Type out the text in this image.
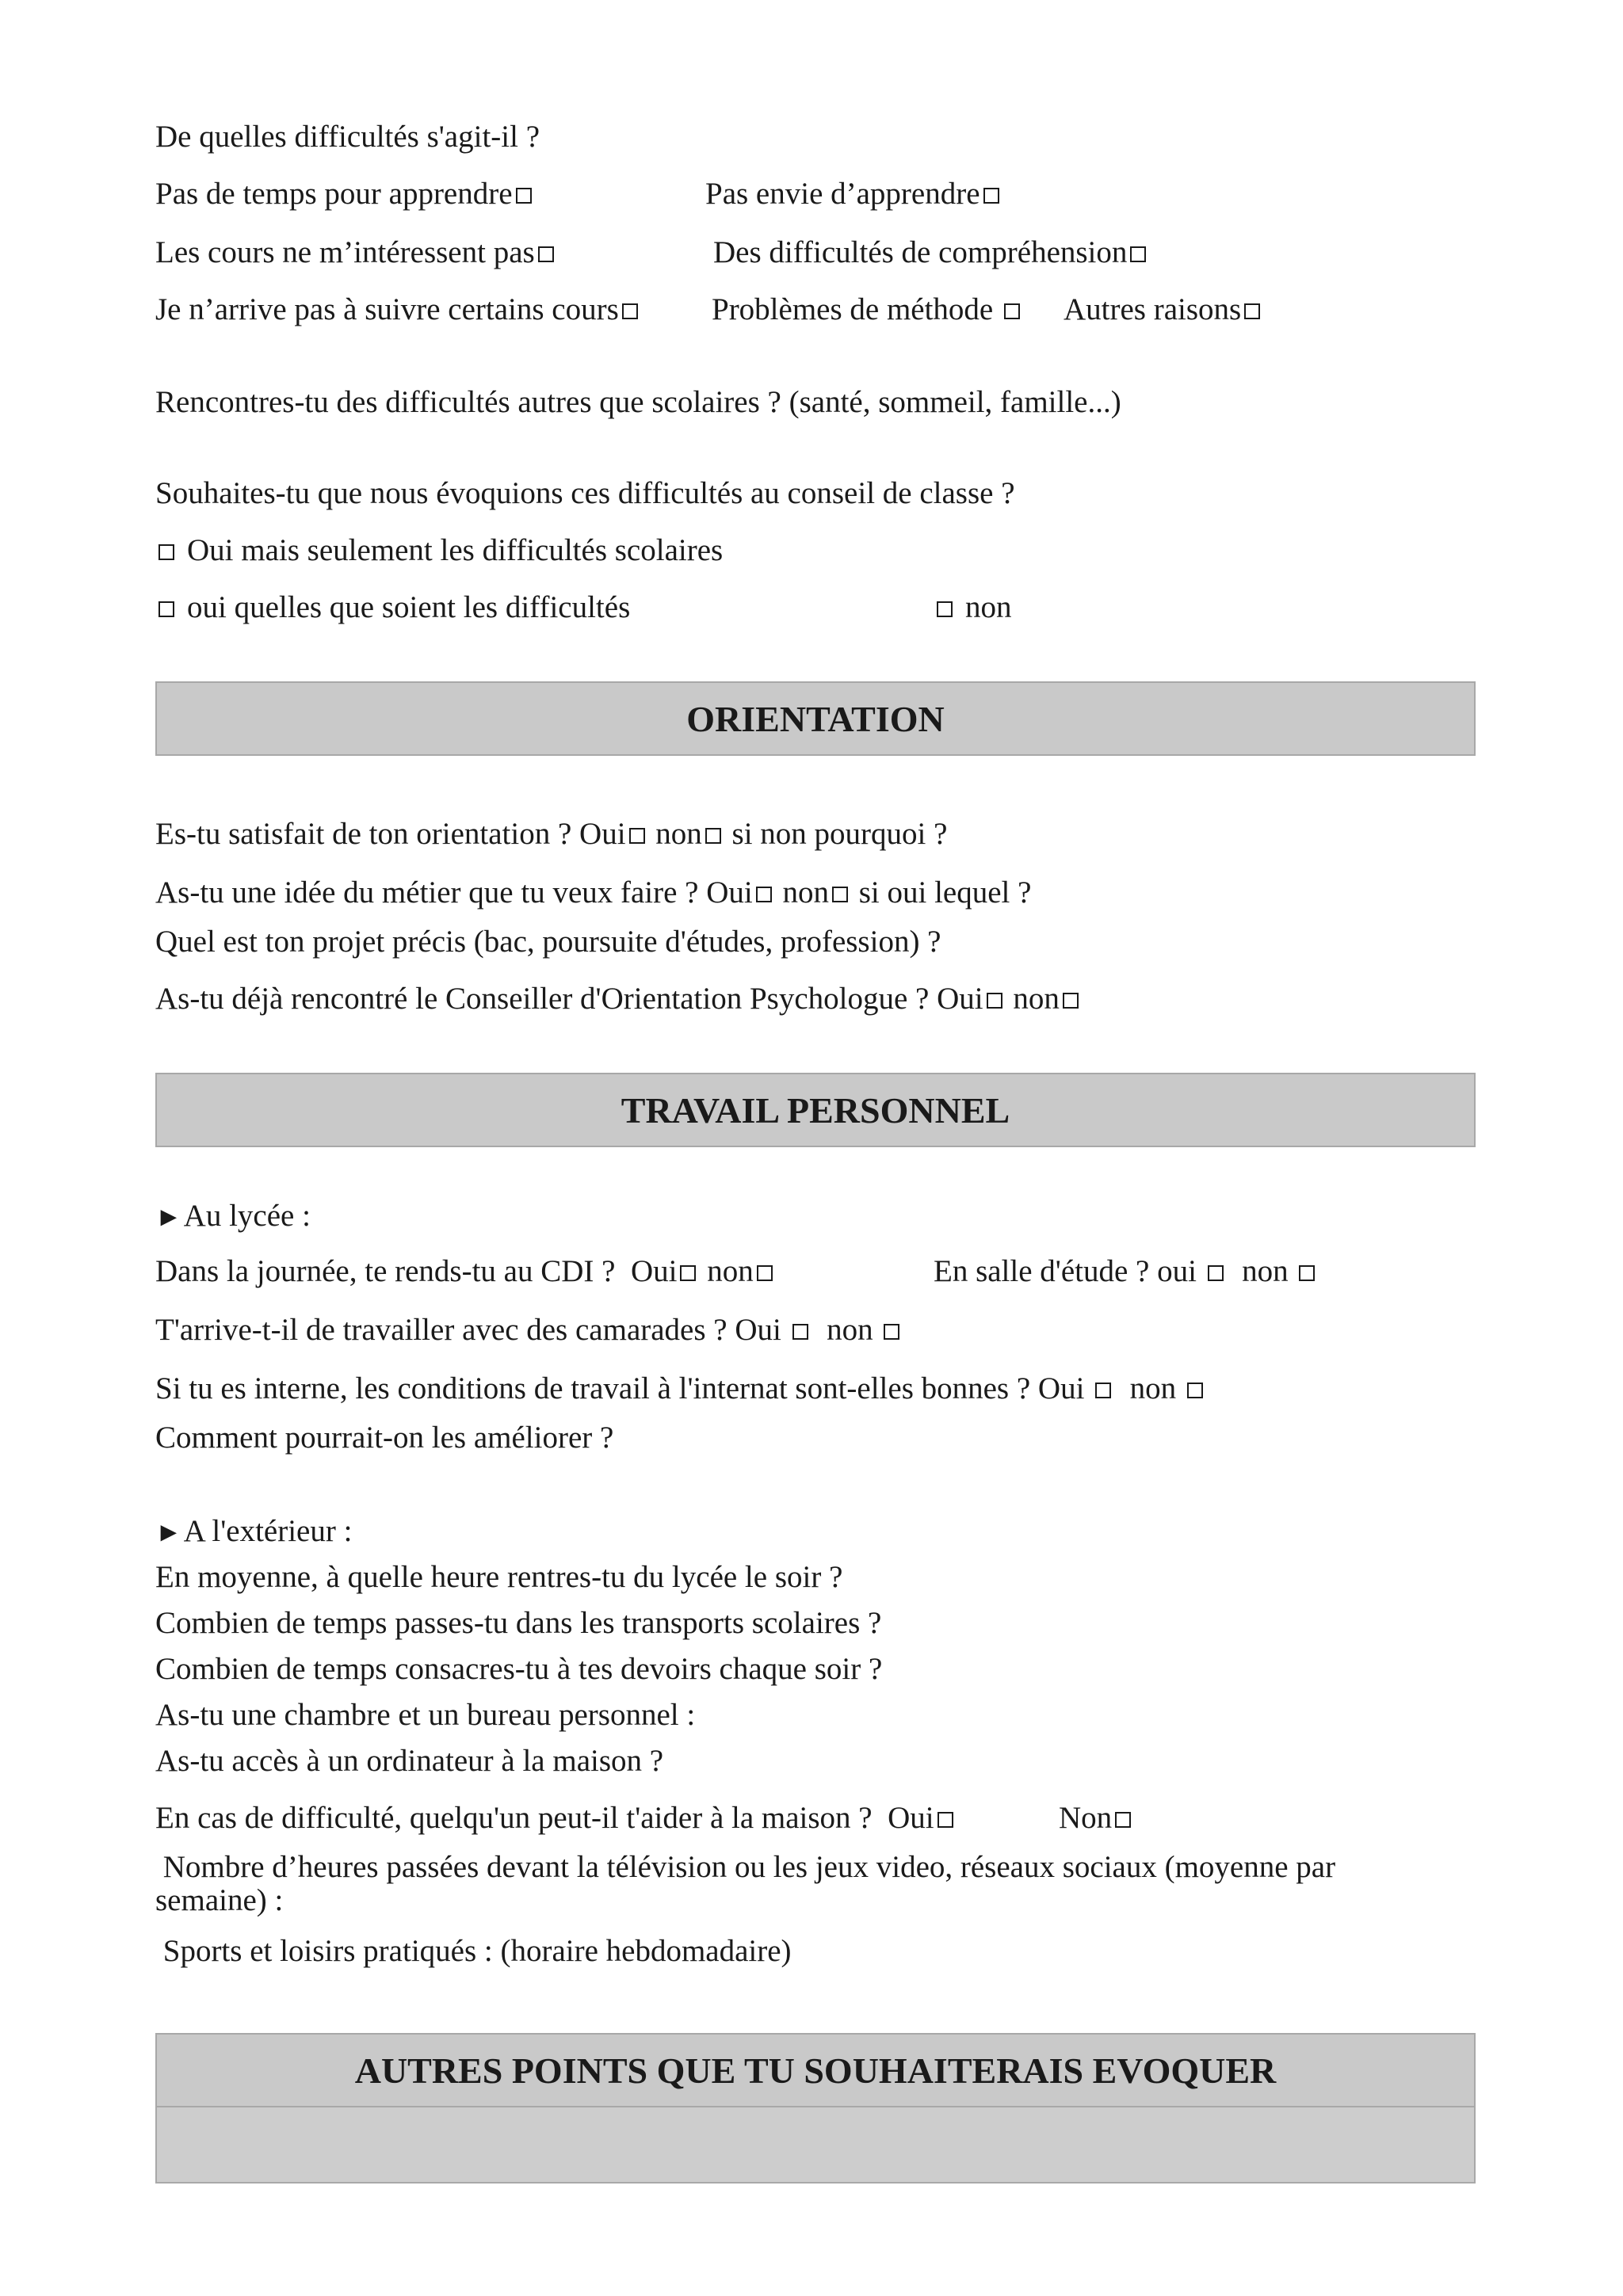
De quelles difficultés s'agit-il ?
Pas de temps pour apprendre	Pas envie d’apprendre
Les cours ne m’intéressent pas	Des difficultés de compréhension
Je n’arrive pas à suivre certains cours	Problèmes de méthode	Autres raisons
Rencontres-tu des difficultés autres que scolaires ? (santé, sommeil, famille...)
Souhaites-tu que nous évoquions ces difficultés au conseil de classe ?
Oui mais seulement les difficultés scolaires
oui quelles que soient les difficultés	non
ORIENTATION
Es-tu satisfait de ton orientation ? Oui non si non pourquoi ?
As-tu une idée du métier que tu veux faire ? Oui non si oui lequel ?
Quel est ton projet précis (bac, poursuite d'études, profession) ?
As-tu déjà rencontré le Conseiller d'Orientation Psychologue ? Oui non
TRAVAIL PERSONNEL
►Au lycée :
Dans la journée, te rends-tu au CDI ? Oui non	En salle d'étude ? oui non
T'arrive-t-il de travailler avec des camarades ? Oui non
Si tu es interne, les conditions de travail à l'internat sont-elles bonnes ? Oui non
Comment pourrait-on les améliorer ?
►A l'extérieur :
En moyenne, à quelle heure rentres-tu du lycée le soir ?
Combien de temps passes-tu dans les transports scolaires ?
Combien de temps consacres-tu à tes devoirs chaque soir ?
As-tu une chambre et un bureau personnel :
As-tu accès à un ordinateur à la maison ?
En cas de difficulté, quelqu'un peut-il t'aider à la maison ? Oui	Non
Nombre d’heures passées devant la télévision ou les jeux video, réseaux sociaux (moyenne par
semaine) :
Sports et loisirs pratiqués : (horaire hebdomadaire)
AUTRES POINTS QUE TU SOUHAITERAIS EVOQUER
